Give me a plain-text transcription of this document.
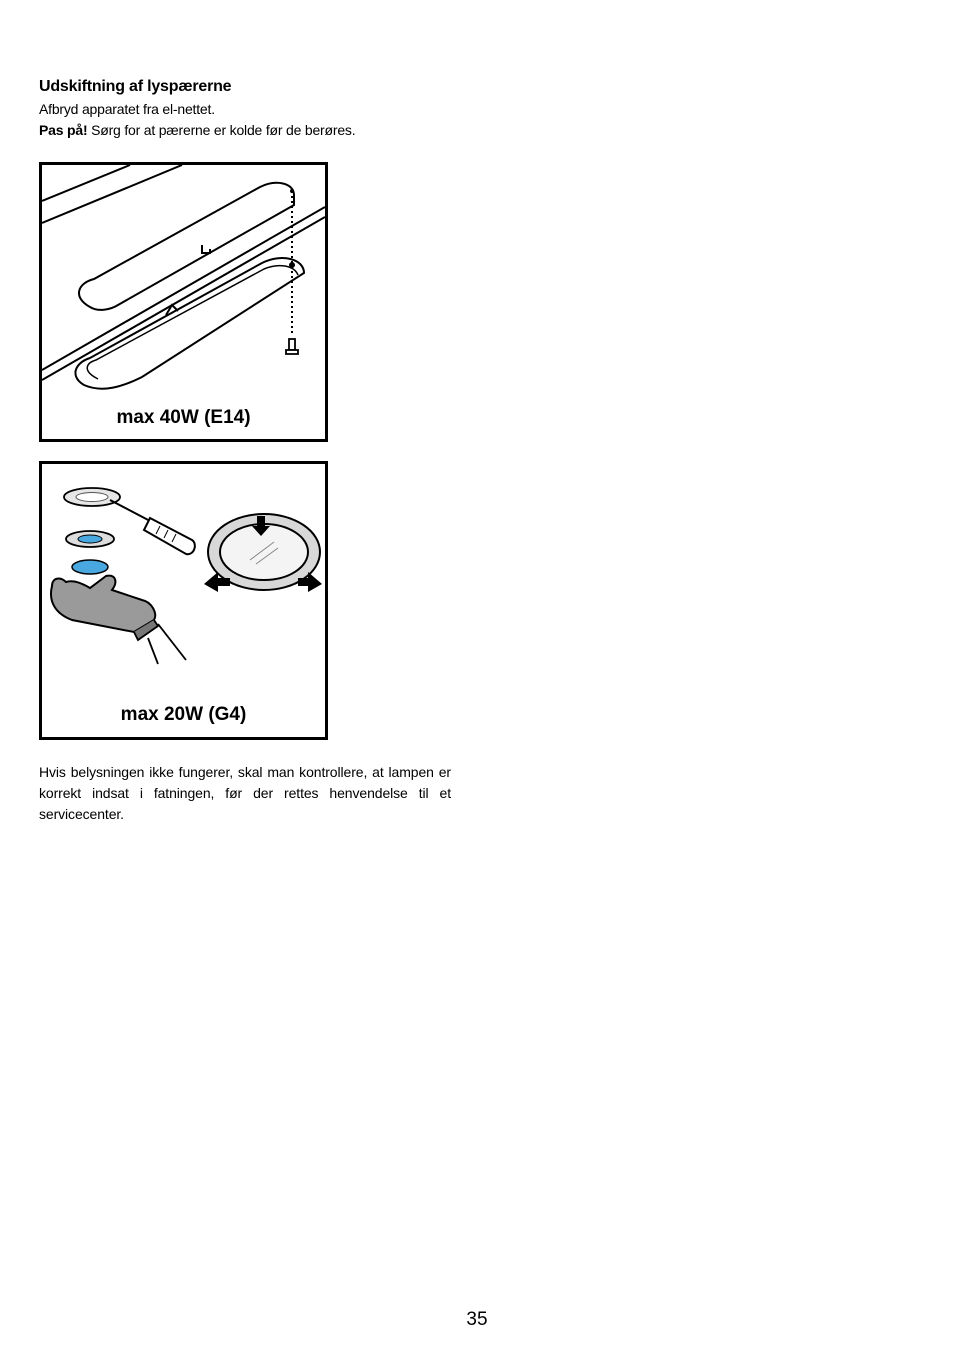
Udskiftning af lyspærerne
Afbryd apparatet fra el-nettet.
Pas på! Sørg for at pærerne er kolde før de berøres.
max 40W (E14)
max 20W (G4)
Hvis belysningen ikke fungerer, skal man kontrollere, at lampen er korrekt indsat i fatningen, før der rettes henvendelse til et servicecenter.
35
